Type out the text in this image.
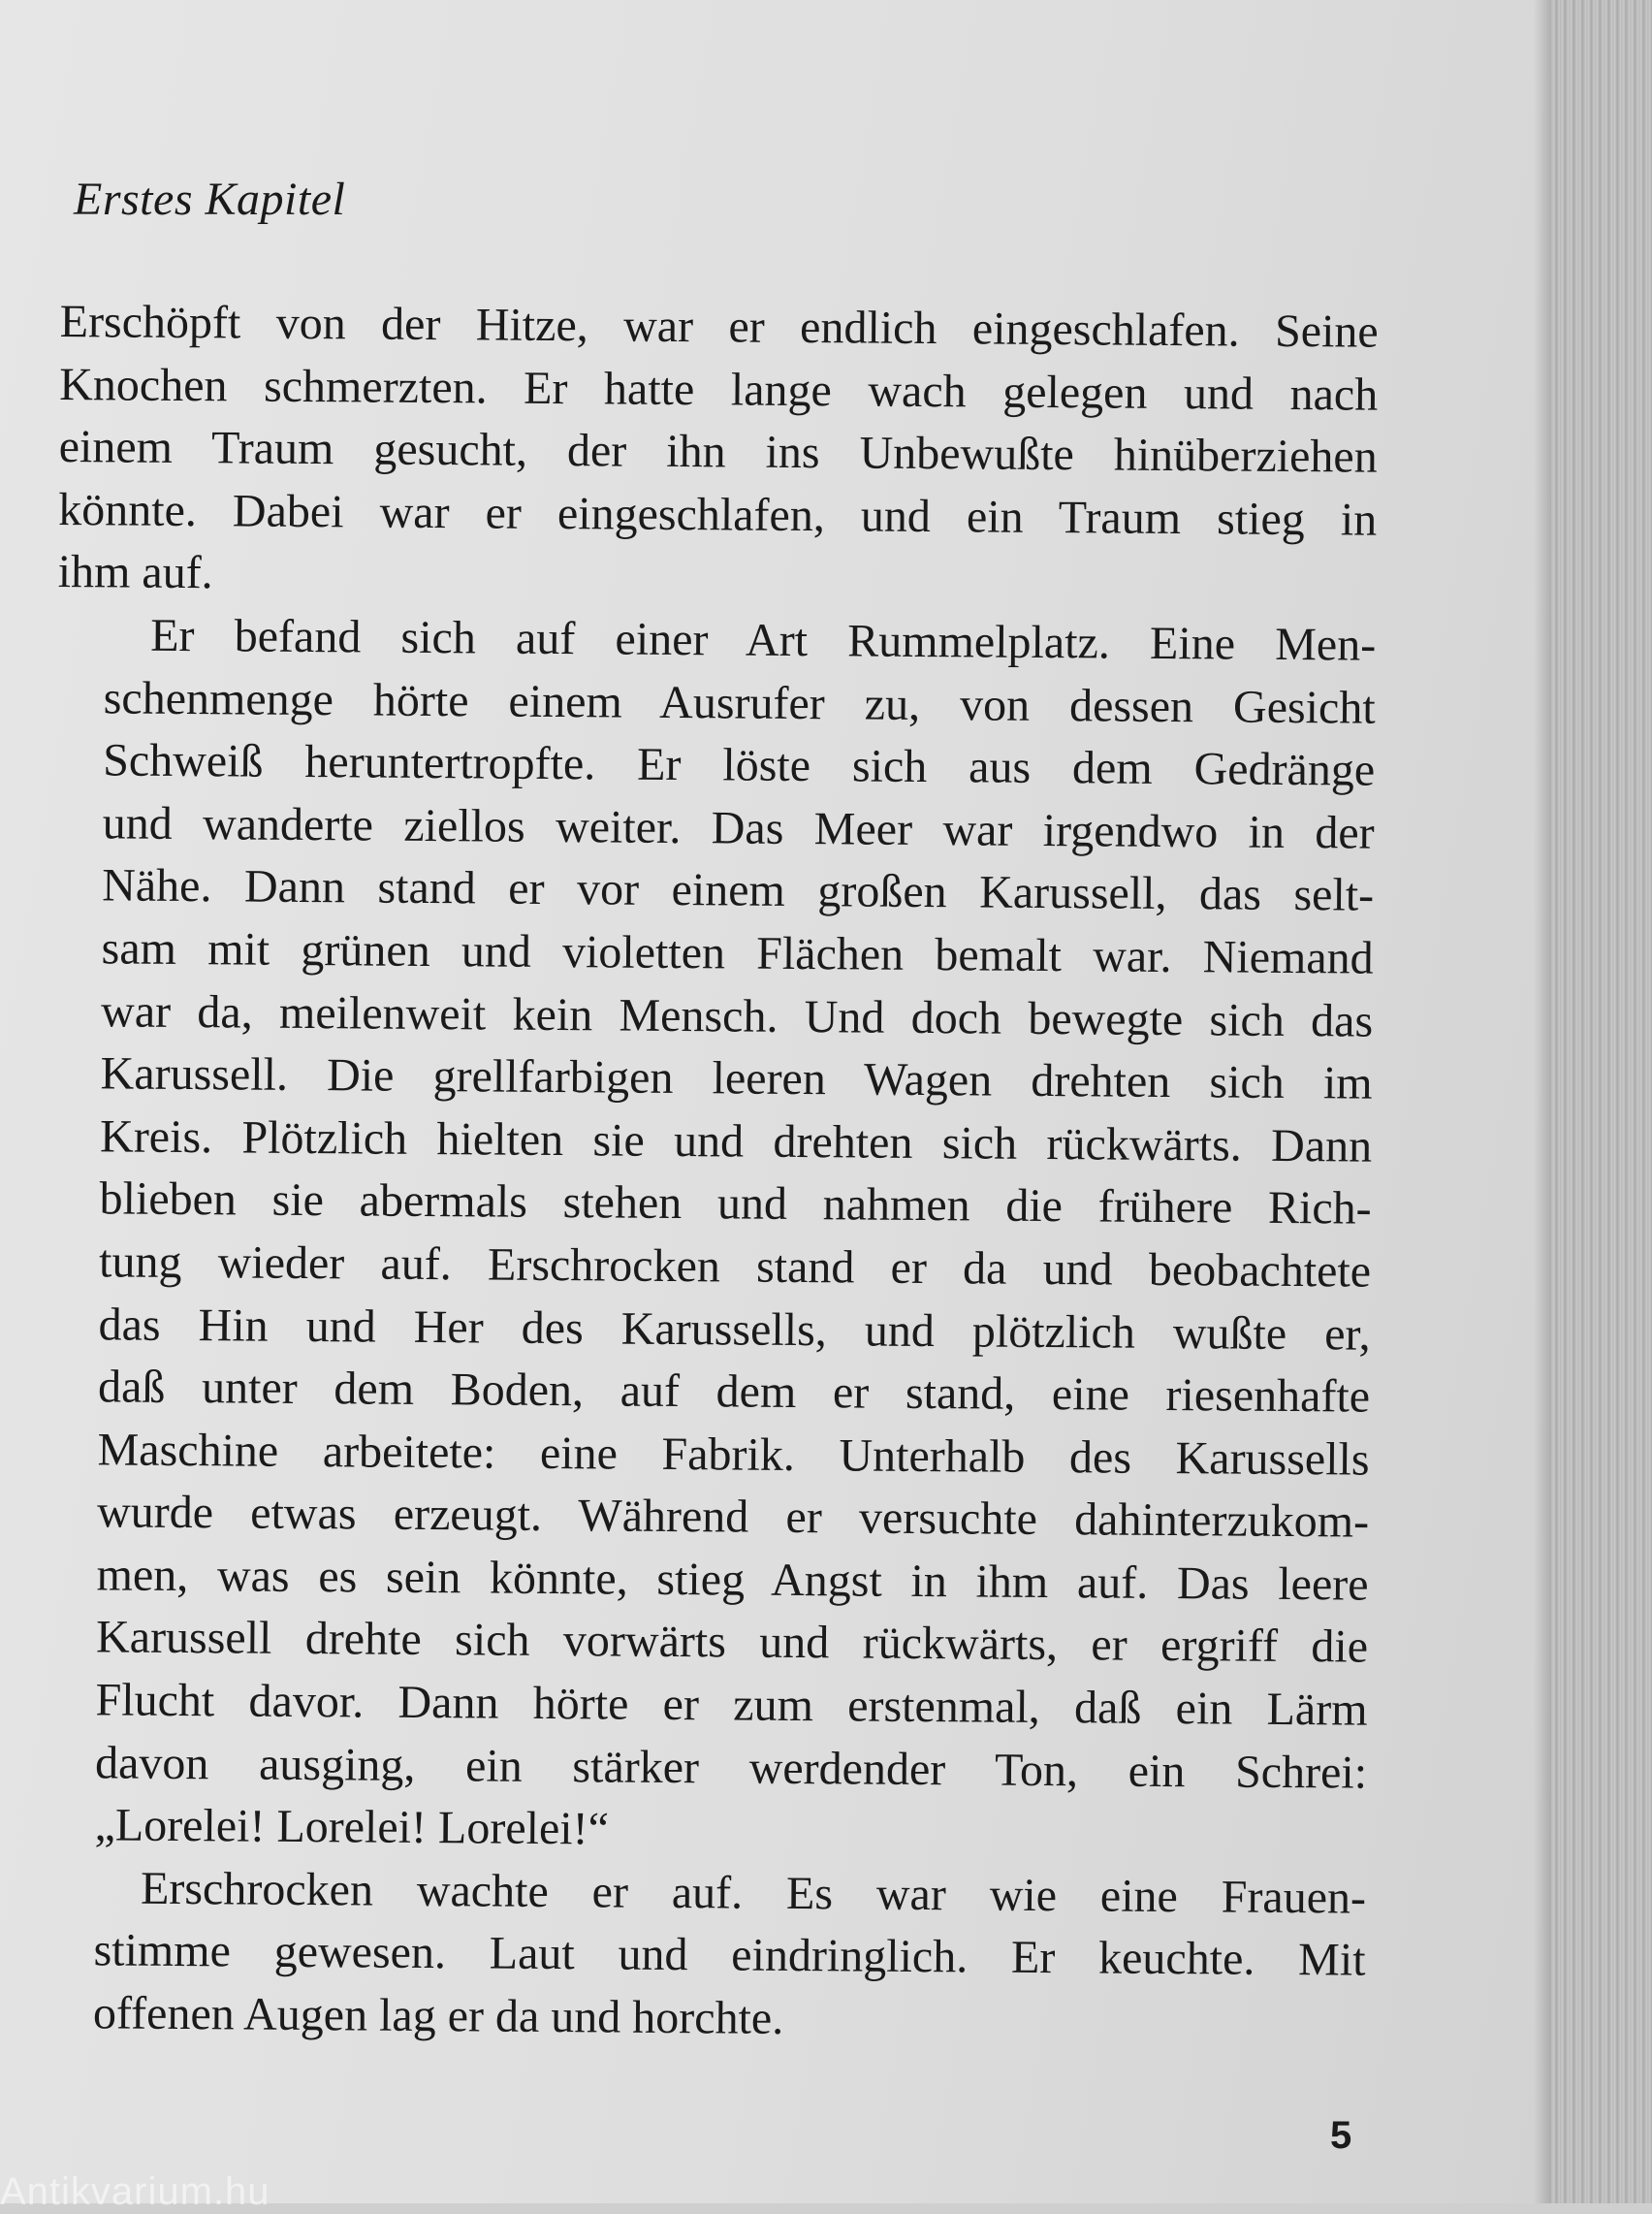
Erstes Kapitel

Erschöpft von der Hitze, war er endlich eingeschlafen. Seine
Knochen schmerzten. Er hatte lange wach gelegen und nach
einem Traum gesucht, der ihn ins Unbewußte hinüberziehen
könnte. Dabei war er eingeschlafen, und ein Traum stieg in
ihm auf.

Er befand sich auf einer Art Rummelplatz. Eine Men-
schenmenge hörte einem Ausrufer zu, von dessen Gesicht
Schweiß heruntertropfte. Er löste sich aus dem Gedränge
und wanderte ziellos weiter. Das Meer war irgendwo in der
Nähe. Dann stand er vor einem großen Karussell, das selt-
sam mit grünen und violetten Flächen bemalt war. Niemand
war da, meilenweit kein Mensch. Und doch bewegte sich das
Karussell. Die grellfarbigen leeren Wagen drehten sich im
Kreis. Plötzlich hielten sie und drehten sich rückwärts. Dann
blieben sie abermals stehen und nahmen die frühere Rich-
tung wieder auf. Erschrocken stand er da und beobachtete
das Hin und Her des Karussells, und plötzlich wußte er,
daß unter dem Boden, auf dem er stand, eine riesenhafte
Maschine arbeitete: eine Fabrik. Unterhalb des Karussells
wurde etwas erzeugt. Während er versuchte dahinterzukom-
men, was es sein könnte, stieg Angst in ihm auf. Das leere
Karussell drehte sich vorwärts und rückwärts, er ergriff die
Flucht davor. Dann hörte er zum erstenmal, daß ein Lärm
davon ausging, ein stärker werdender Ton, ein Schrei:
„Lorelei! Lorelei! Lorelei!“

Erschrocken wachte er auf. Es war wie eine Frauen-
stimme gewesen. Laut und eindringlich. Er keuchte. Mit
offenen Augen lag er da und horchte.

5
Antikvarium.hu
